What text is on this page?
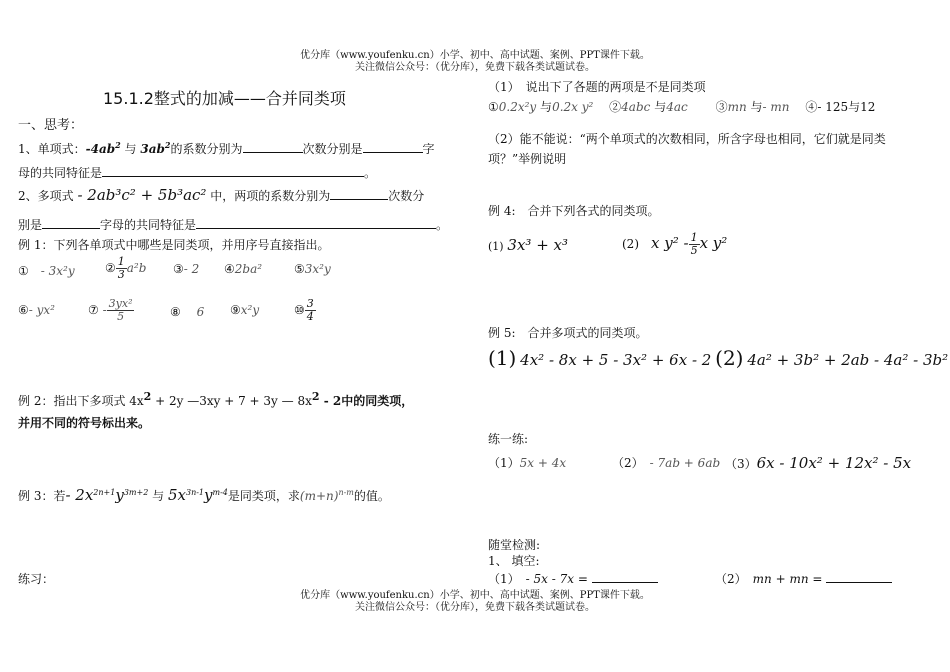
优分库（www.youfenku.cn）小学、初中、高中试题、案例、PPT课件下载。
关注微信公众号：（优分库），免费下载各类试题试卷。
15.1.2整式的加减——合并同类项
一、思考：
1、单项式：$-4ab^2$ 与 $3ab^2$的系数分别为	次数分别是	字
母的共同特征是	。
2、多项式 - 2ab³c² + 5b³ac² 中，两项的系数分别为	次数分
别是	字母的共同特征是	。
例 1：下列各单项式中哪些是同类项，并用序号直接指出。
①　 - 3x²y	② $\frac{1}{3} a^2b$ ③- 2 ④2ba²	⑤3x²y
⑥- yx²	⑦ - $\frac{\text{3yx²}}{5}$	⑧　 6 ⑨x²y	⑩ $\frac{3}{4}$
例 2：指出下多项式 $4x^2 + 2y$ —3xy + 7 + 3y — $8x^2 - 2$中的同类项，
并用不同的符号标出来。
例 3：若- $2x^{2n+1}y^{3m+2}$ 与 $5x^{3n-1}y^{m-4}$是同类项，求$(m+n)^{n-m}$的值。
练习：
（1）　说出下了各题的两项是不是同类项
①0.2x²y 与0.2x y² 　 ②4abc 与4ac 　　 ③mn 与- mn 　 ④- 125与12
（2）能不能说：“两个单项式的次数相同，所含字母也相同，它们就是同类
项？”举例说明
例 4:　合并下列各式的同类项。
(1) 3x³ + x³	(2)　 x $y^2 - \frac{1}{5}$ x y²
例 5:　合并多项式的同类项。
(1) 4x² - 8x + 5 - 3x² + 6x - 2 (2) 4a² + 3b² + 2ab - 4a² - 3b²
练一练:
（1）5x + 4x	（2）　 - 7ab + 6ab （3）6x - 10x² + 12x² - 5x
随堂检测:
1、 填空:
（1）　 - 5x - 7x =	（2）　 mn + mn =
优分库（www.youfenku.cn）小学、初中、高中试题、案例、PPT课件下载。
关注微信公众号：（优分库），免费下载各类试题试卷。
